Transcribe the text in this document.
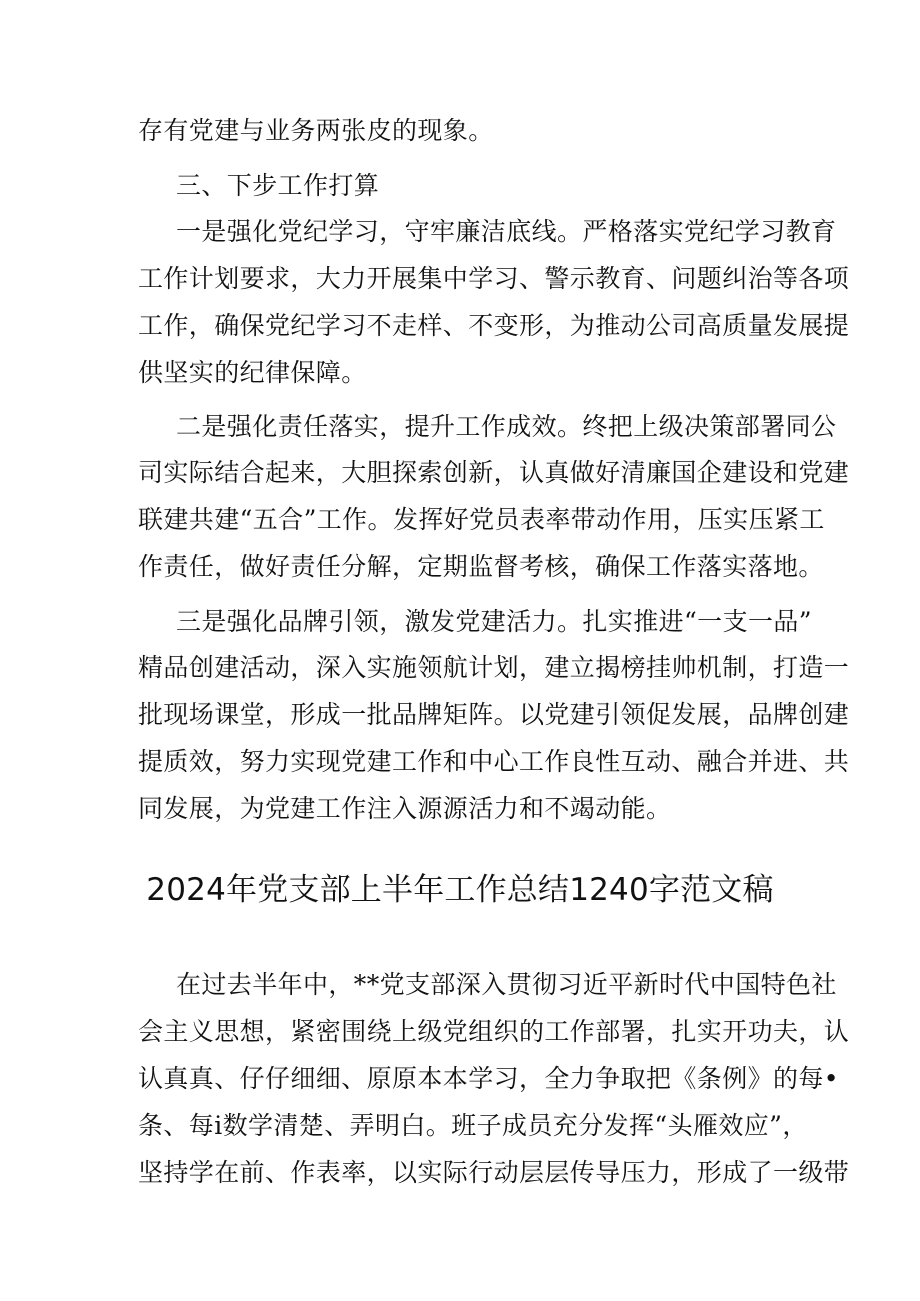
存有党建与业务两张皮的现象。
三、下步工作打算
一是强化党纪学习，守牢廉洁底线。严格落实党纪学习教育
工作计划要求，大力开展集中学习、警示教育、问题纠治等各项
工作，确保党纪学习不走样、不变形，为推动公司高质量发展提
供坚实的纪律保障。
二是强化责任落实，提升工作成效。终把上级决策部署同公
司实际结合起来，大胆探索创新，认真做好清廉国企建设和党建
联建共建“五合”工作。发挥好党员表率带动作用，压实压紧工
作责任，做好责任分解，定期监督考核，确保工作落实落地。
三是强化品牌引领，激发党建活力。扎实推进“一支一品”
精品创建活动，深入实施领航计划，建立揭榜挂帅机制，打造一
批现场课堂，形成一批品牌矩阵。以党建引领促发展，品牌创建
提质效，努力实现党建工作和中心工作良性互动、融合并进、共
同发展，为党建工作注入源源活力和不竭动能。
2024年党支部上半年工作总结1240字范文稿
在过去半年中，**党支部深入贯彻习近平新时代中国特色社
会主义思想，紧密围绕上级党组织的工作部署，扎实开功夫，认
认真真、仔仔细细、原原本本学习，全力争取把《条例》的每•
条、每i数学清楚、弄明白。班子成员充分发挥“头雁效应”，
坚持学在前、作表率，以实际行动层层传导压力，形成了一级带
